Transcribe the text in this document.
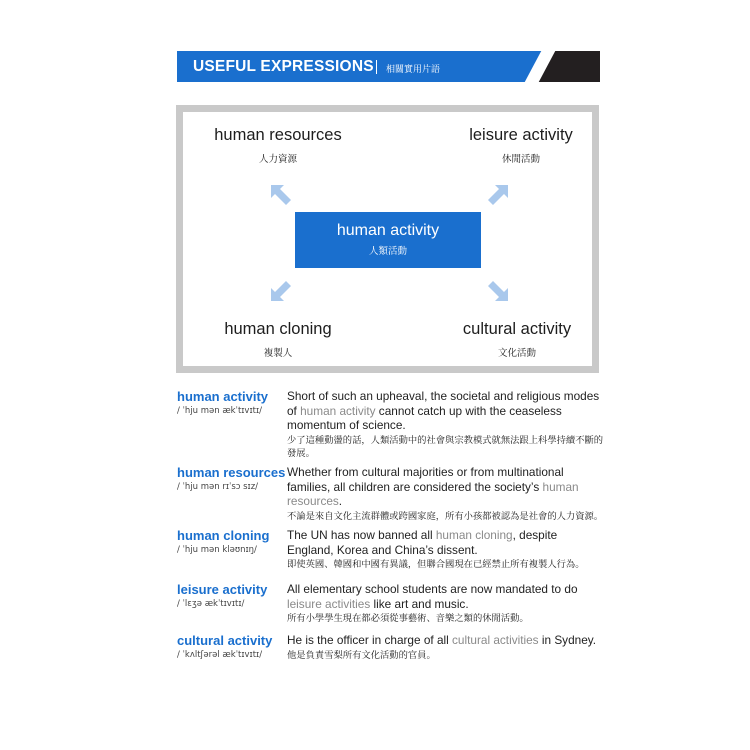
USEFUL EXPRESSIONS 相關實用片語
human resources
人力資源
leisure activity
休閒活動
human activity
人類活動
human cloning
複製人
cultural activity
文化活動
human activity
/ ˈhju mən ækˈtɪvɪtɪ/
Short of such an upheaval, the societal and religious modes of human activity cannot catch up with the ceaseless momentum of science.
少了這種動盪的話，人類活動中的社會與宗教模式就無法跟上科學持續不斷的發展。
human resources
/ ˈhju mən rɪˈsɔ sɪz/
Whether from cultural majorities or from multinational families, all children are considered the society’s human resources.
不論是來自文化主流群體或跨國家庭，所有小孩都被認為是社會的人力資源。
human cloning
/ ˈhju mən kləʊnɪŋ/
The UN has now banned all human cloning, despite England, Korea and China’s dissent.
即使英國、韓國和中國有異議，但聯合國現在已經禁止所有複製人行為。
leisure activity
/ ˈlɛʒə ækˈtɪvɪtɪ/
All elementary school students are now mandated to do leisure activities like art and music.
所有小學學生現在都必須從事藝術、音樂之類的休閒活動。
cultural activity
/ ˈkʌltʃərəl ækˈtɪvɪtɪ/
He is the officer in charge of all cultural activities in Sydney.
他是負責雪梨所有文化活動的官員。
